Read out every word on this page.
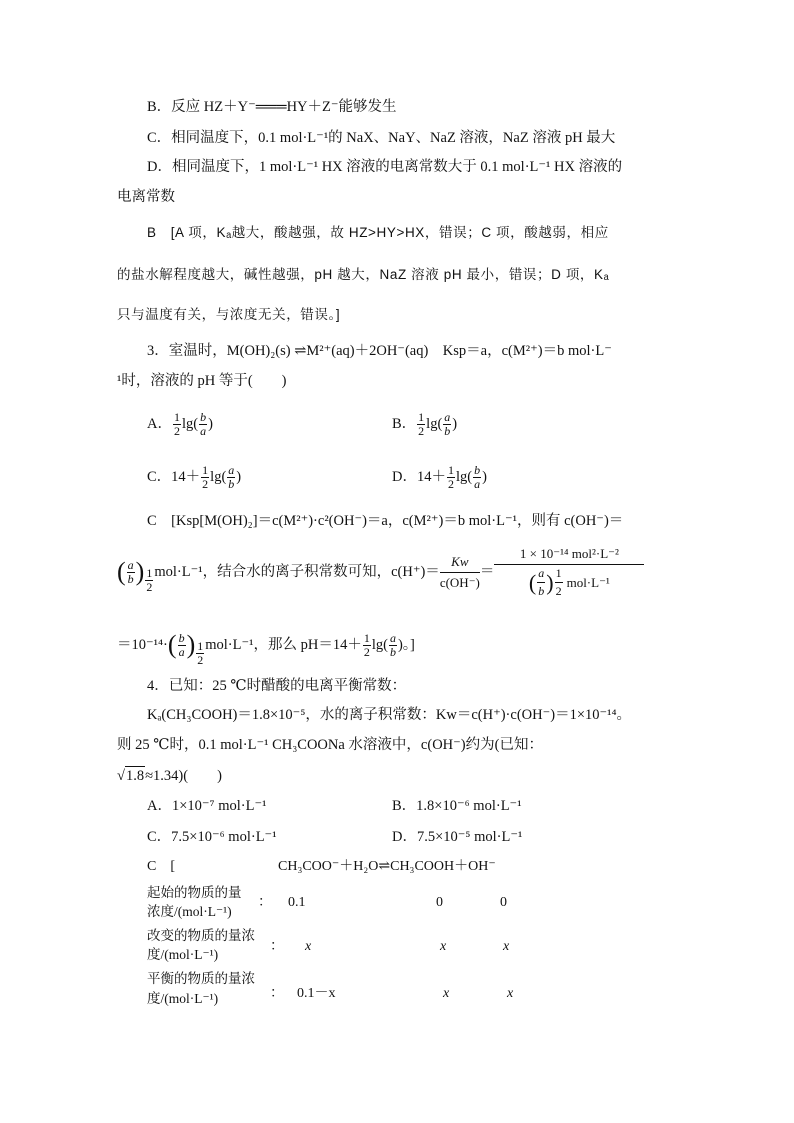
B．反应 HZ＋Y⁻═══HY＋Z⁻能够发生
C．相同温度下，0.1 mol·L⁻¹的 NaX、NaY、NaZ 溶液，NaZ 溶液 pH 最大
D．相同温度下，1 mol·L⁻¹ HX 溶液的电离常数大于 0.1 mol·L⁻¹ HX 溶液的
电离常数
B　[A 项，Kₐ越大，酸越强，故 HZ>HY>HX，错误；C 项，酸越弱，相应
的盐水解程度越大，碱性越强，pH 越大，NaZ 溶液 pH 最小，错误；D 项，Kₐ
只与温度有关，与浓度无关，错误。]
3．室温时，M(OH)₂(s) ⇌M²⁺(aq)＋2OH⁻(aq)　Ksp＝a，c(M²⁺)＝b mol·L⁻
¹时，溶液的 pH 等于(　　)
A． $\frac{1}{2} \lg( \frac{b}{a}$ )	B． $\frac{1}{2} \lg( \frac{a}{b}$ )
C． $14+ \frac{1}{2} \lg( \frac{a}{b}$ )	D． $14+ \frac{1}{2} \lg( \frac{b}{a}$ )
C　[Ksp[M(OH)₂]＝c(M²⁺)·c²(OH⁻)＝a，c(M²⁺)＝b mol·L⁻¹，则有 c(OH⁻)＝
( $\frac{a}{b}$ ) $\frac{1}{2} mol\cdot L^{-1}$，结合水的离子积常数可知，$c(H^+)= \frac{Kw}{c(OH^-)} = \frac{\text{1 × 10⁻¹⁴ mol²·L⁻²}}{( \frac{a}{b} ) \frac{1}{2} mol\cdot L^{-1}}$
＝10⁻¹⁴· ( $\frac{b}{a}$ ) $\frac{1}{2} mol\cdot L^{-1}$，那么 $pH=14+ \frac{1}{2} \lg( \frac{a}{b}$ )。]
4．已知：25 ℃时醋酸的电离平衡常数：
Kₐ(CH₃COOH)＝1.8×10⁻⁵，水的离子积常数：Kw＝c(H⁺)·c(OH⁻)＝1×10⁻¹⁴。
则 25 ℃时，0.1 mol·L⁻¹ CH₃COONa 水溶液中，c(OH⁻)约为(已知：
√1.8≈1.34)(　　)
A．1×10⁻⁷ mol·L⁻¹	B．1.8×10⁻⁶ mol·L⁻¹
C．7.5×10⁻⁶ mol·L⁻¹	D．7.5×10⁻⁵ mol·L⁻¹
C　[	CH₃COO⁻＋H₂O⇌CH₃COOH＋OH⁻
起始的物质的量
浓度/(mol·L⁻¹)
： 0.1	0	0
改变的物质的量浓
度/(mol·L⁻¹)
： x	x	x
平衡的物质的量浓
度/(mol·L⁻¹)	： 0.1－x	x	x
